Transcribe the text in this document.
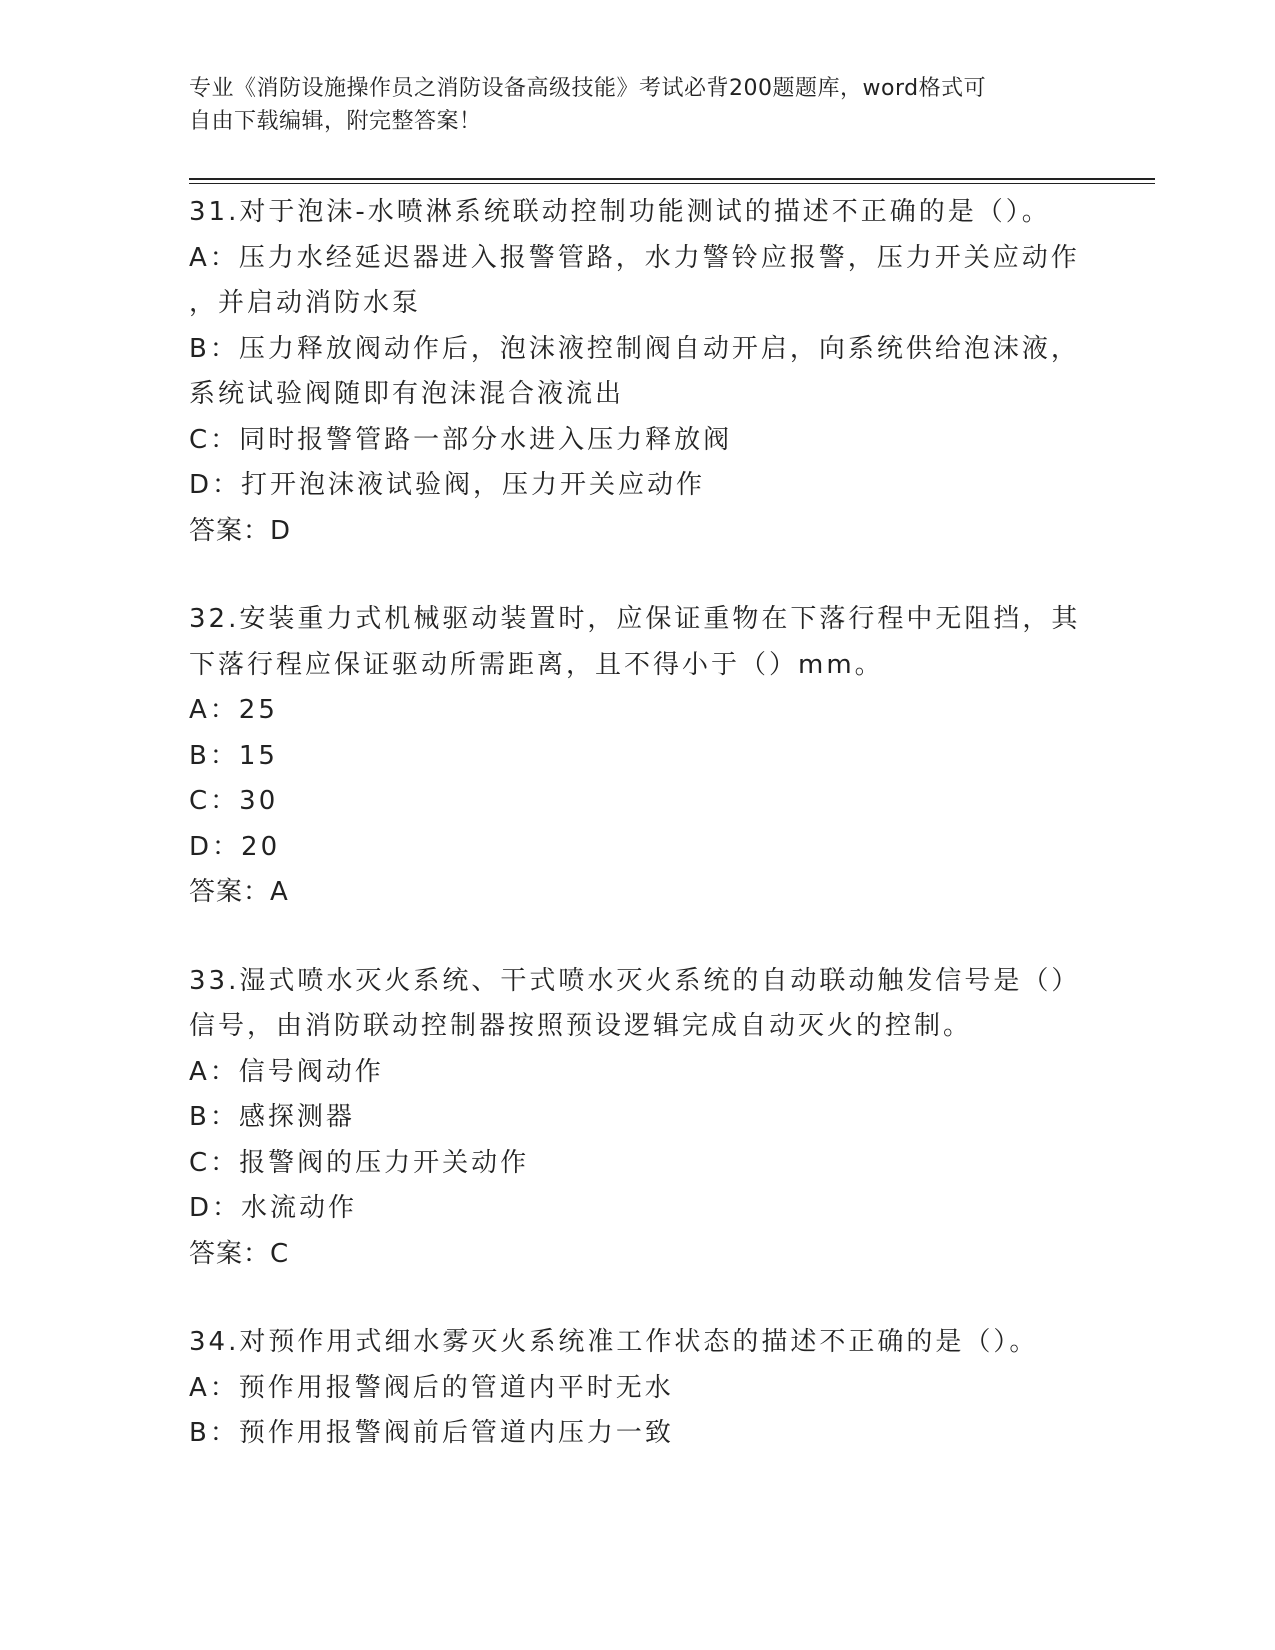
专业《消防设施操作员之消防设备高级技能》考试必背200题题库，word格式可
自由下载编辑，附完整答案！
31.对于泡沫-水喷淋系统联动控制功能测试的描述不正确的是（）。
A：压力水经延迟器进入报警管路，水力警铃应报警，压力开关应动作
，并启动消防水泵
B：压力释放阀动作后，泡沫液控制阀自动开启，向系统供给泡沫液，
系统试验阀随即有泡沫混合液流出
C：同时报警管路一部分水进入压力释放阀
D：打开泡沫液试验阀，压力开关应动作
答案：D
32.安装重力式机械驱动装置时，应保证重物在下落行程中无阻挡，其
下落行程应保证驱动所需距离，且不得小于（）mm。
A：25
B：15
C：30
D：20
答案：A
33.湿式喷水灭火系统、干式喷水灭火系统的自动联动触发信号是（）
信号，由消防联动控制器按照预设逻辑完成自动灭火的控制。
A：信号阀动作
B：感探测器
C：报警阀的压力开关动作
D：水流动作
答案：C
34.对预作用式细水雾灭火系统准工作状态的描述不正确的是（）。
A：预作用报警阀后的管道内平时无水
B：预作用报警阀前后管道内压力一致
